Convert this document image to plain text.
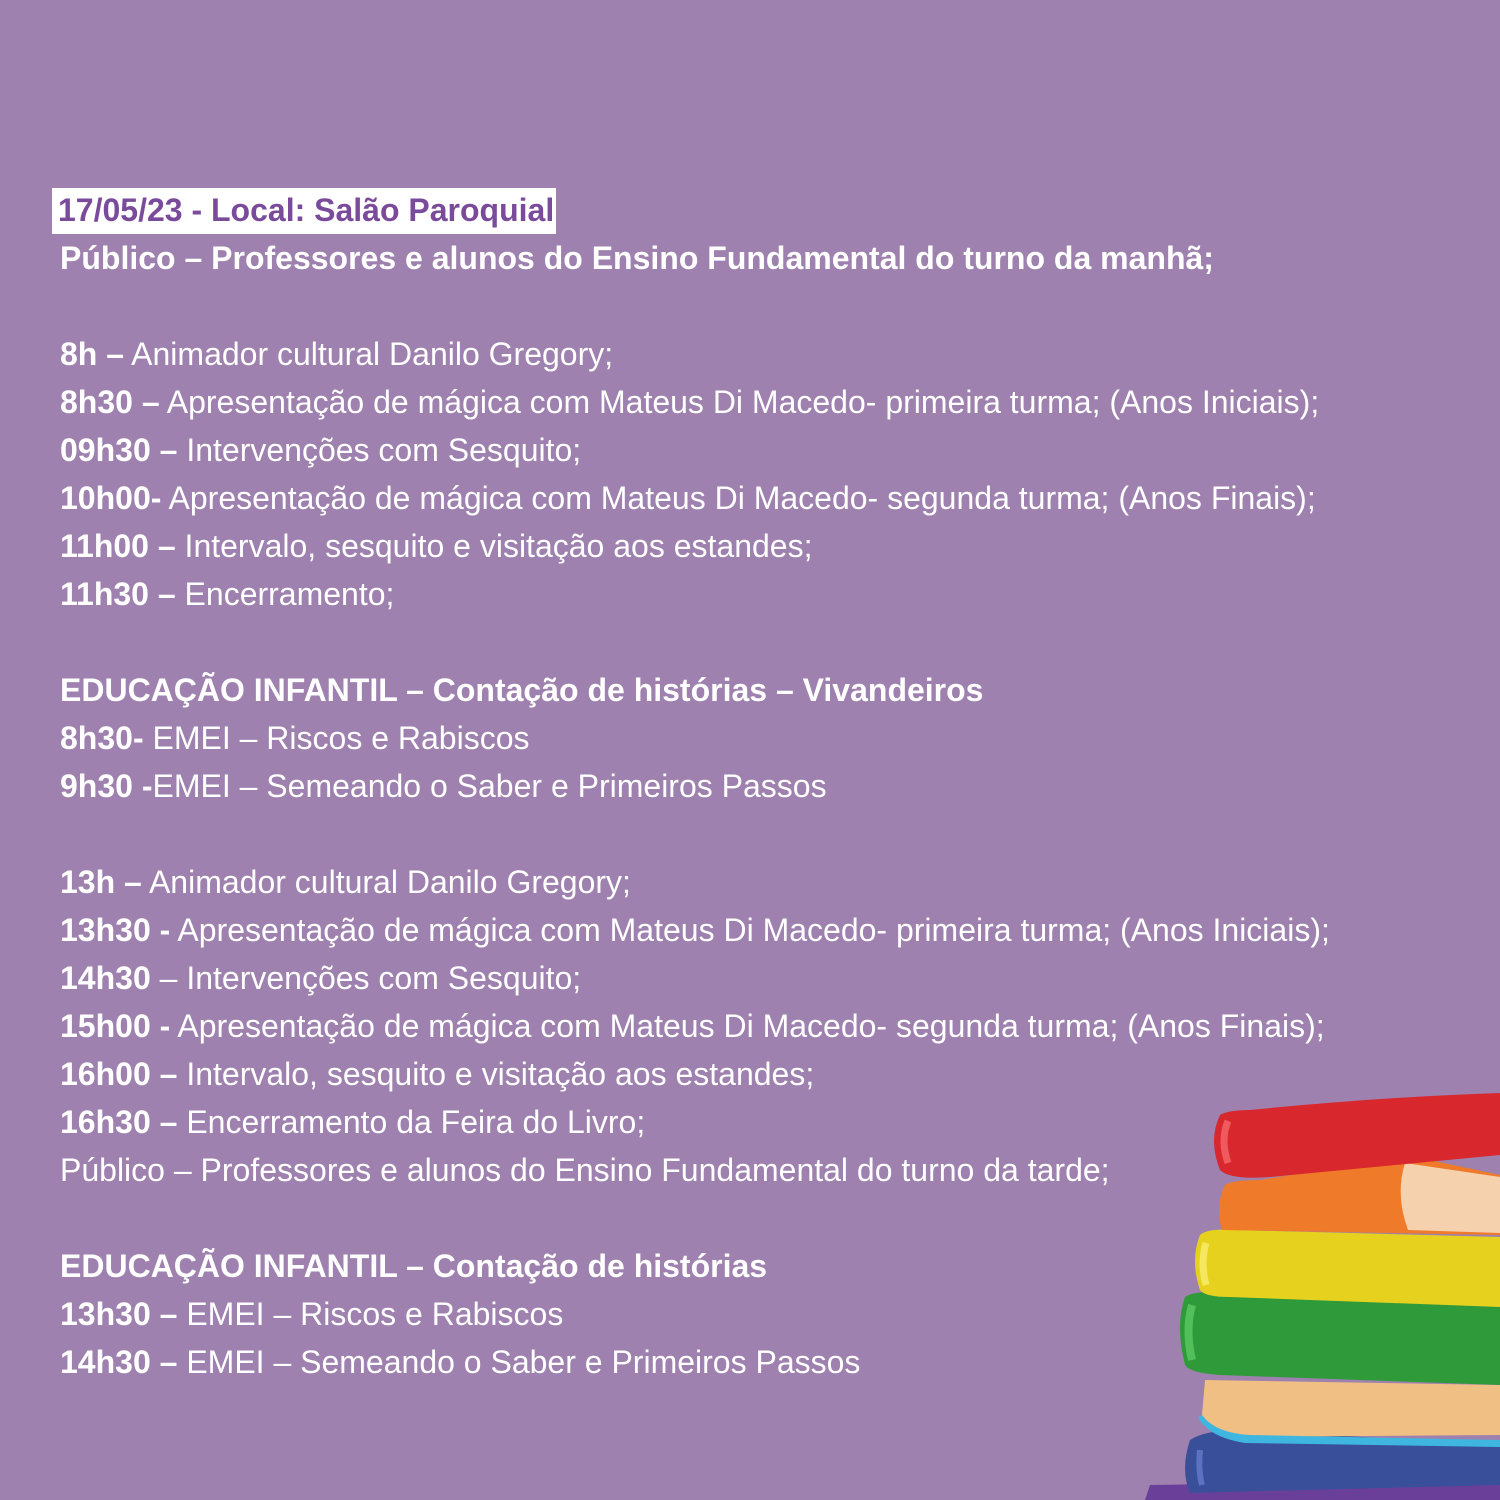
17/05/23 - Local: Salão Paroquial
Público – Professores e alunos do Ensino Fundamental do turno da manhã;
8h – Animador cultural Danilo Gregory;
8h30 – Apresentação de mágica com Mateus Di Macedo- primeira turma; (Anos Iniciais);
09h30 – Intervenções com Sesquito;
10h00- Apresentação de mágica com Mateus Di Macedo- segunda turma; (Anos Finais);
11h00 – Intervalo, sesquito e visitação aos estandes;
11h30 – Encerramento;
EDUCAÇÃO INFANTIL – Contação de histórias – Vivandeiros
8h30- EMEI – Riscos e Rabiscos
9h30 -EMEI – Semeando o Saber e Primeiros Passos
13h – Animador cultural Danilo Gregory;
13h30 - Apresentação de mágica com Mateus Di Macedo- primeira turma; (Anos Iniciais);
14h30 – Intervenções com Sesquito;
15h00 - Apresentação de mágica com Mateus Di Macedo- segunda turma; (Anos Finais);
16h00 – Intervalo, sesquito e visitação aos estandes;
16h30 – Encerramento da Feira do Livro;
Público – Professores e alunos do Ensino Fundamental do turno da tarde;
EDUCAÇÃO INFANTIL – Contação de histórias
13h30 – EMEI – Riscos e Rabiscos
14h30 – EMEI – Semeando o Saber e Primeiros Passos
